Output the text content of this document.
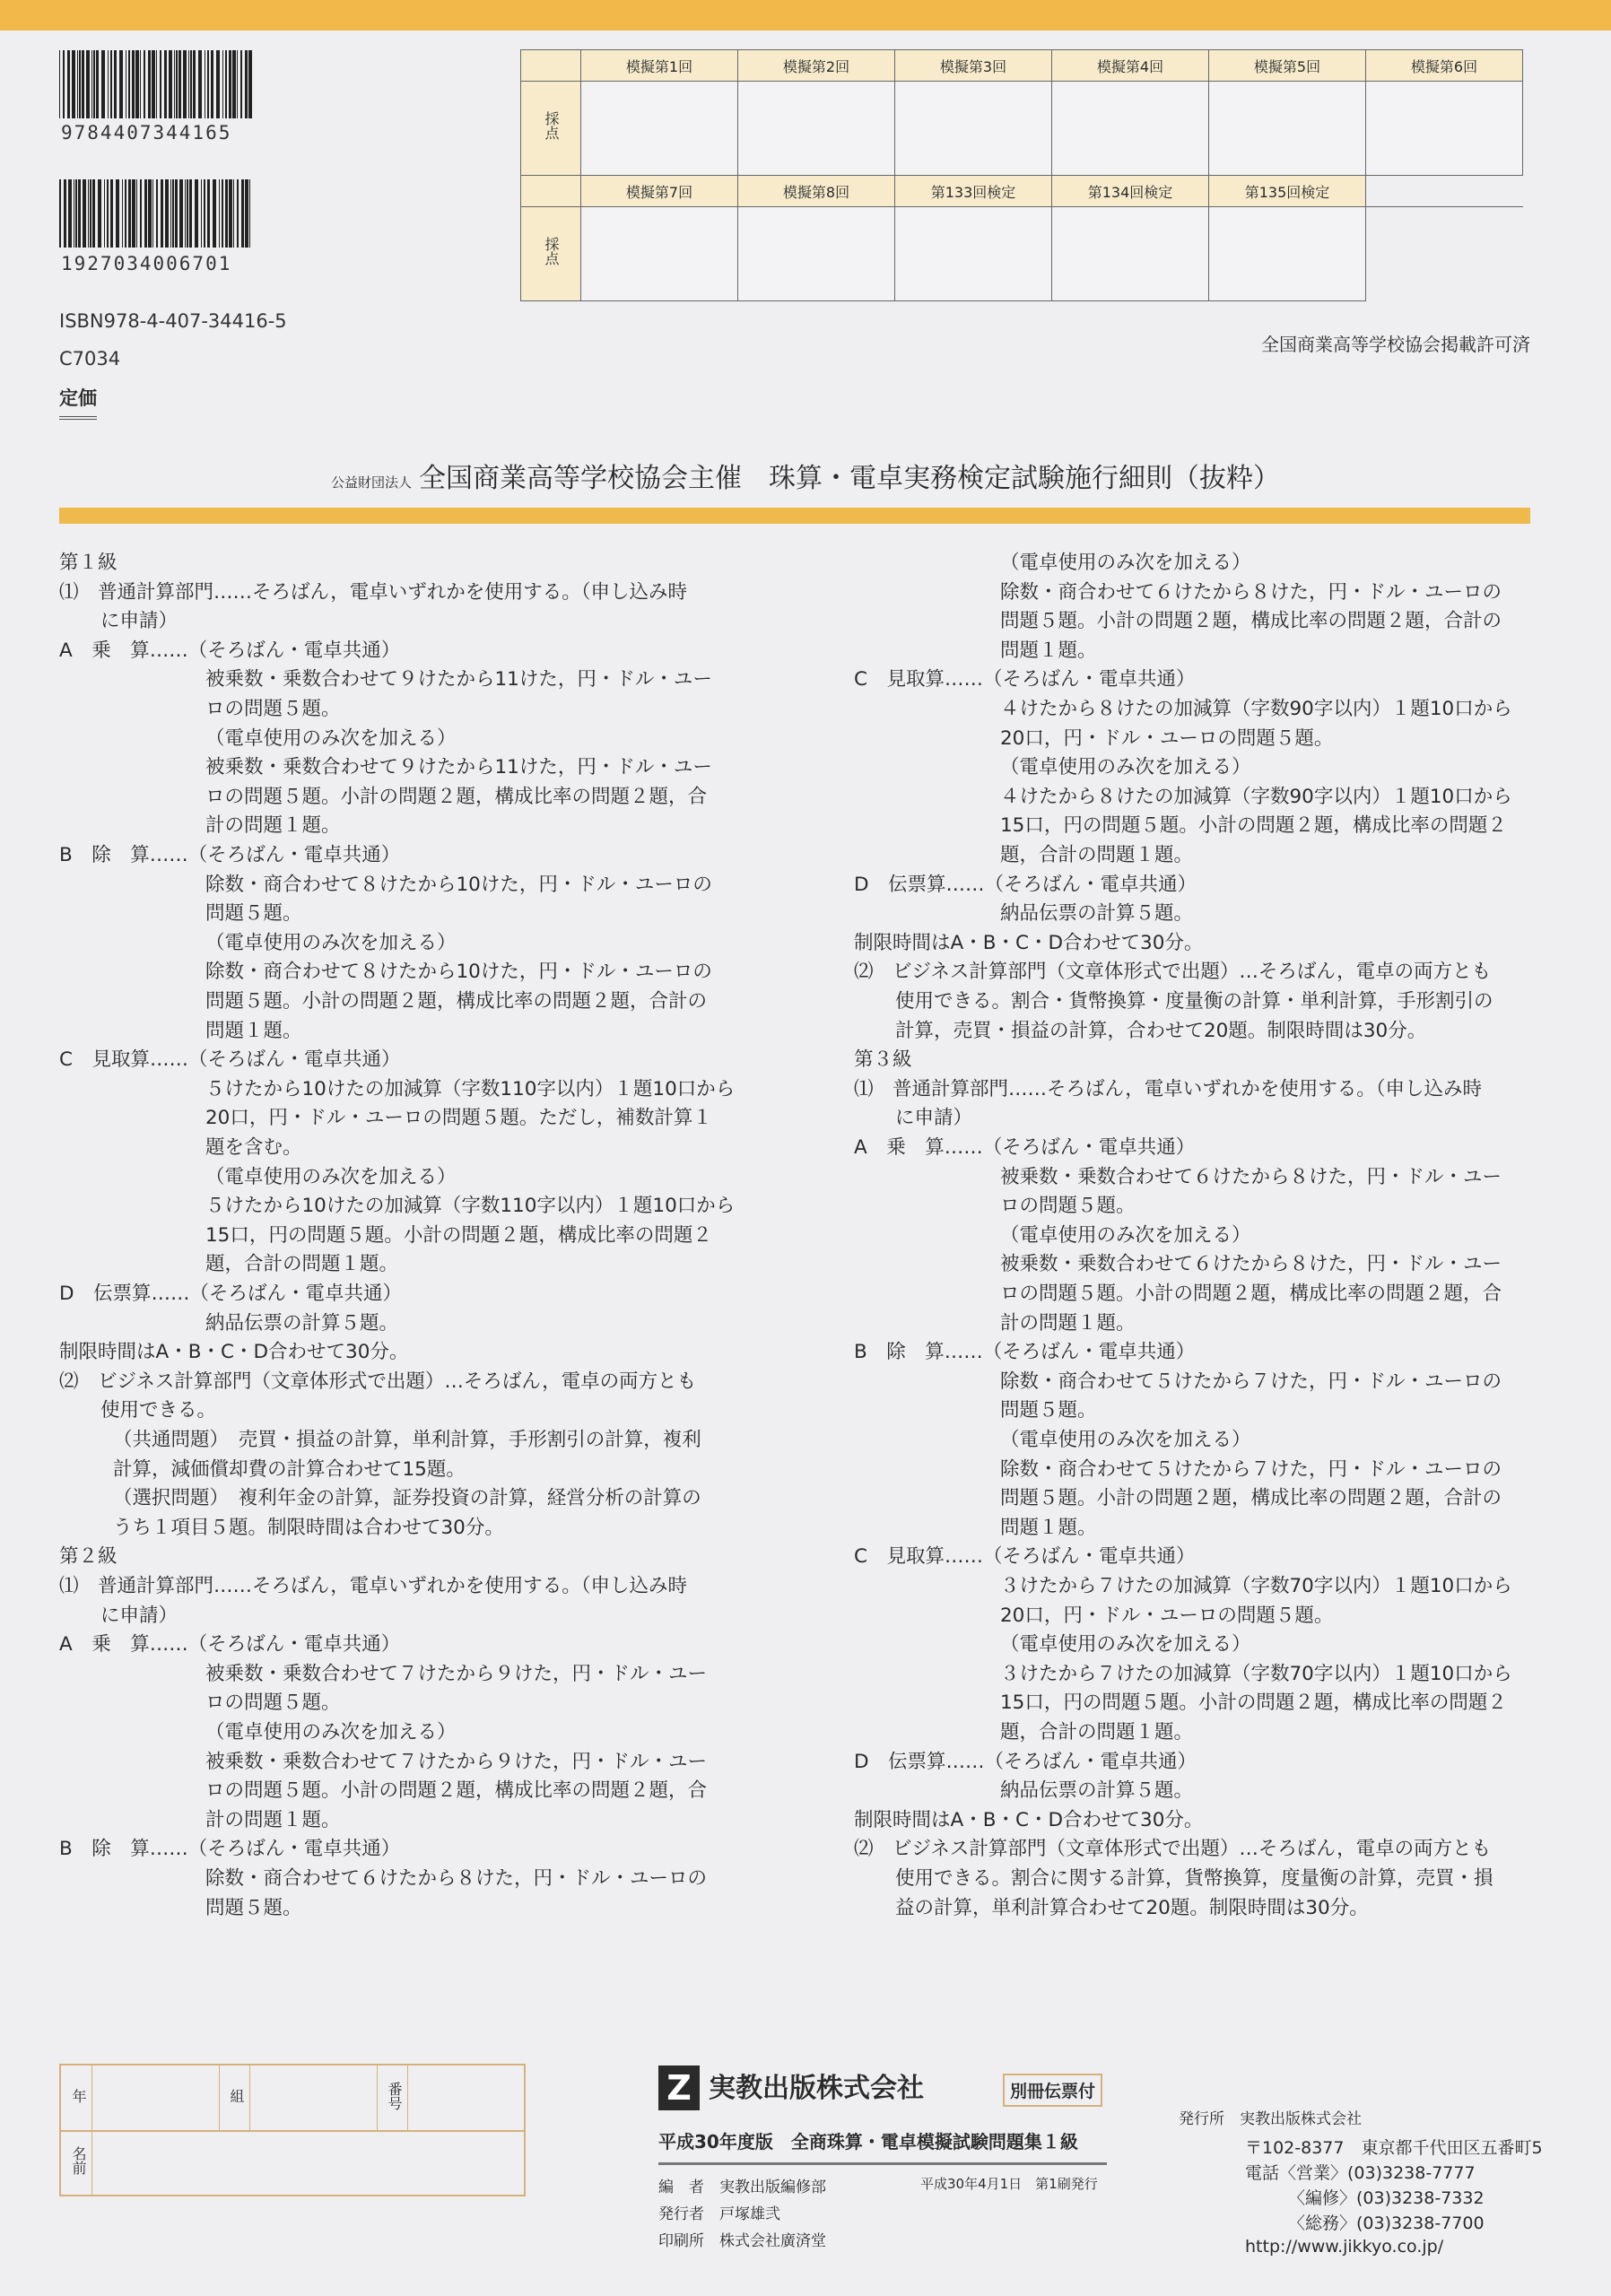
9784407344165
1927034006701
ISBN978-4-407-34416-5
C7034
定価
	模擬第1回	模擬第2回	模擬第3回	模擬第4回	模擬第5回	模擬第6回
採点						
	模擬第7回	模擬第8回	第133回検定	第134回検定	第135回検定	
採点						
全国商業高等学校協会掲載許可済
公益財団法人 全国商業高等学校協会主催　珠算・電卓実務検定試験施行細則（抜粋）
第１級
⑴　普通計算部門……そろばん，電卓いずれかを使用する。（申し込み時
に申請）
A　乗　算……（そろばん・電卓共通）
被乗数・乗数合わせて９けたから11けた，円・ドル・ユー
ロの問題５題。
（電卓使用のみ次を加える）
被乗数・乗数合わせて９けたから11けた，円・ドル・ユー
ロの問題５題。小計の問題２題，構成比率の問題２題，合
計の問題１題。
B　除　算……（そろばん・電卓共通）
除数・商合わせて８けたから10けた，円・ドル・ユーロの
問題５題。
（電卓使用のみ次を加える）
除数・商合わせて８けたから10けた，円・ドル・ユーロの
問題５題。小計の問題２題，構成比率の問題２題，合計の
問題１題。
C　見取算……（そろばん・電卓共通）
５けたから10けたの加減算（字数110字以内）１題10口から
20口，円・ドル・ユーロの問題５題。ただし，補数計算１
題を含む。
（電卓使用のみ次を加える）
５けたから10けたの加減算（字数110字以内）１題10口から
15口，円の問題５題。小計の問題２題，構成比率の問題２
題，合計の問題１題。
D　伝票算……（そろばん・電卓共通）
納品伝票の計算５題。
制限時間はA・B・C・D合わせて30分。
⑵　ビジネス計算部門（文章体形式で出題）…そろばん，電卓の両方とも
使用できる。
（共通問題）　売買・損益の計算，単利計算，手形割引の計算，複利
計算，減価償却費の計算合わせて15題。
（選択問題）　複利年金の計算，証券投資の計算，経営分析の計算の
うち１項目５題。制限時間は合わせて30分。
第２級
⑴　普通計算部門……そろばん，電卓いずれかを使用する。（申し込み時
に申請）
A　乗　算……（そろばん・電卓共通）
被乗数・乗数合わせて７けたから９けた，円・ドル・ユー
ロの問題５題。
（電卓使用のみ次を加える）
被乗数・乗数合わせて７けたから９けた，円・ドル・ユー
ロの問題５題。小計の問題２題，構成比率の問題２題，合
計の問題１題。
B　除　算……（そろばん・電卓共通）
除数・商合わせて６けたから８けた，円・ドル・ユーロの
問題５題。
（電卓使用のみ次を加える）
除数・商合わせて６けたから８けた，円・ドル・ユーロの
問題５題。小計の問題２題，構成比率の問題２題，合計の
問題１題。
C　見取算……（そろばん・電卓共通）
４けたから８けたの加減算（字数90字以内）１題10口から
20口，円・ドル・ユーロの問題５題。
（電卓使用のみ次を加える）
４けたから８けたの加減算（字数90字以内）１題10口から
15口，円の問題５題。小計の問題２題，構成比率の問題２
題，合計の問題１題。
D　伝票算……（そろばん・電卓共通）
納品伝票の計算５題。
制限時間はA・B・C・D合わせて30分。
⑵　ビジネス計算部門（文章体形式で出題）…そろばん，電卓の両方とも
使用できる。割合・貨幣換算・度量衡の計算・単利計算，手形割引の
計算，売買・損益の計算，合わせて20題。制限時間は30分。
第３級
⑴　普通計算部門……そろばん，電卓いずれかを使用する。（申し込み時
に申請）
A　乗　算……（そろばん・電卓共通）
被乗数・乗数合わせて６けたから８けた，円・ドル・ユー
ロの問題５題。
（電卓使用のみ次を加える）
被乗数・乗数合わせて６けたから８けた，円・ドル・ユー
ロの問題５題。小計の問題２題，構成比率の問題２題，合
計の問題１題。
B　除　算……（そろばん・電卓共通）
除数・商合わせて５けたから７けた，円・ドル・ユーロの
問題５題。
（電卓使用のみ次を加える）
除数・商合わせて５けたから７けた，円・ドル・ユーロの
問題５題。小計の問題２題，構成比率の問題２題，合計の
問題１題。
C　見取算……（そろばん・電卓共通）
３けたから７けたの加減算（字数70字以内）１題10口から
20口，円・ドル・ユーロの問題５題。
（電卓使用のみ次を加える）
３けたから７けたの加減算（字数70字以内）１題10口から
15口，円の問題５題。小計の問題２題，構成比率の問題２
題，合計の問題１題。
D　伝票算……（そろばん・電卓共通）
納品伝票の計算５題。
制限時間はA・B・C・D合わせて30分。
⑵　ビジネス計算部門（文章体形式で出題）…そろばん，電卓の両方とも
使用できる。割合に関する計算，貨幣換算，度量衡の計算，売買・損
益の計算，単利計算合わせて20題。制限時間は30分。
年	組	番号
名前
Z 実教出版株式会社	別冊伝票付
平成30年度版　全商珠算・電卓模擬試験問題集１級
編　者　実教出版編修部	平成30年4月1日　第1刷発行
発行者　戸塚雄弐
印刷所　株式会社廣済堂
発行所　実教出版株式会社
〒102-8377　東京都千代田区五番町5
電話〈営業〉(03)3238-7777
〈編修〉(03)3238-7332
〈総務〉(03)3238-7700
http://www.jikkyo.co.jp/
